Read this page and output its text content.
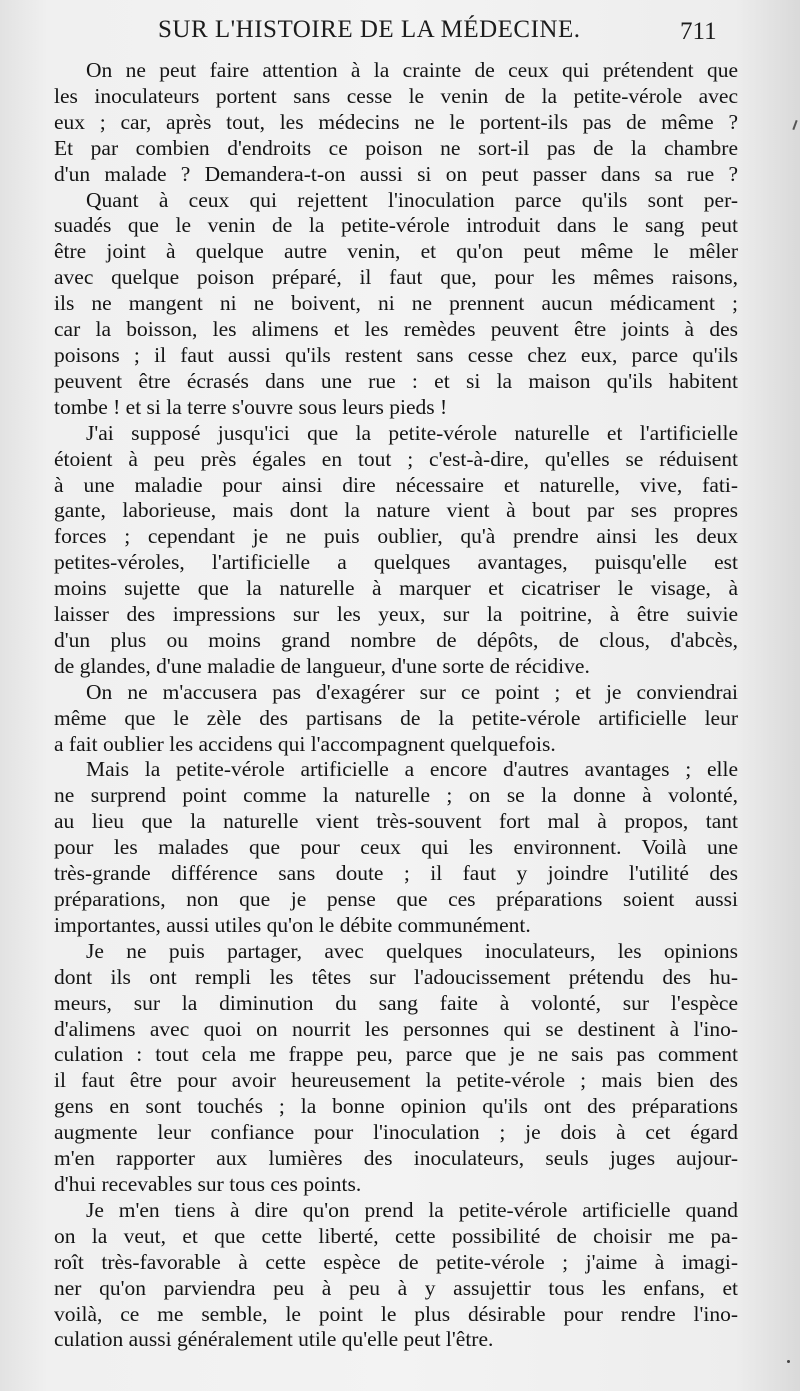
SUR L'HISTOIRE DE LA MÉDECINE.	711
On ne peut faire attention à la crainte de ceux qui prétendent que
les inoculateurs portent sans cesse le venin de la petite-vérole avec
eux ; car, après tout, les médecins ne le portent-ils pas de même ?
Et par combien d'endroits ce poison ne sort-il pas de la chambre
d'un malade ? Demandera-t-on aussi si on peut passer dans sa rue ?
Quant à ceux qui rejettent l'inoculation parce qu'ils sont per-
suadés que le venin de la petite-vérole introduit dans le sang peut
être joint à quelque autre venin, et qu'on peut même le mêler
avec quelque poison préparé, il faut que, pour les mêmes raisons,
ils ne mangent ni ne boivent, ni ne prennent aucun médicament ;
car la boisson, les alimens et les remèdes peuvent être joints à des
poisons ; il faut aussi qu'ils restent sans cesse chez eux, parce qu'ils
peuvent être écrasés dans une rue : et si la maison qu'ils habitent
tombe ! et si la terre s'ouvre sous leurs pieds !
J'ai supposé jusqu'ici que la petite-vérole naturelle et l'artificielle
étoient à peu près égales en tout ; c'est-à-dire, qu'elles se réduisent
à une maladie pour ainsi dire nécessaire et naturelle, vive, fati-
gante, laborieuse, mais dont la nature vient à bout par ses propres
forces ; cependant je ne puis oublier, qu'à prendre ainsi les deux
petites-véroles, l'artificielle a quelques avantages, puisqu'elle est
moins sujette que la naturelle à marquer et cicatriser le visage, à
laisser des impressions sur les yeux, sur la poitrine, à être suivie
d'un plus ou moins grand nombre de dépôts, de clous, d'abcès,
de glandes, d'une maladie de langueur, d'une sorte de récidive.
On ne m'accusera pas d'exagérer sur ce point ; et je conviendrai
même que le zèle des partisans de la petite-vérole artificielle leur
a fait oublier les accidens qui l'accompagnent quelquefois.
Mais la petite-vérole artificielle a encore d'autres avantages ; elle
ne surprend point comme la naturelle ; on se la donne à volonté,
au lieu que la naturelle vient très-souvent fort mal à propos, tant
pour les malades que pour ceux qui les environnent. Voilà une
très-grande différence sans doute ; il faut y joindre l'utilité des
préparations, non que je pense que ces préparations soient aussi
importantes, aussi utiles qu'on le débite communément.
Je ne puis partager, avec quelques inoculateurs, les opinions
dont ils ont rempli les têtes sur l'adoucissement prétendu des hu-
meurs, sur la diminution du sang faite à volonté, sur l'espèce
d'alimens avec quoi on nourrit les personnes qui se destinent à l'ino-
culation : tout cela me frappe peu, parce que je ne sais pas comment
il faut être pour avoir heureusement la petite-vérole ; mais bien des
gens en sont touchés ; la bonne opinion qu'ils ont des préparations
augmente leur confiance pour l'inoculation ; je dois à cet égard
m'en rapporter aux lumières des inoculateurs, seuls juges aujour-
d'hui recevables sur tous ces points.
Je m'en tiens à dire qu'on prend la petite-vérole artificielle quand
on la veut, et que cette liberté, cette possibilité de choisir me pa-
roît très-favorable à cette espèce de petite-vérole ; j'aime à imagi-
ner qu'on parviendra peu à peu à y assujettir tous les enfans, et
voilà, ce me semble, le point le plus désirable pour rendre l'ino-
culation aussi généralement utile qu'elle peut l'être.
